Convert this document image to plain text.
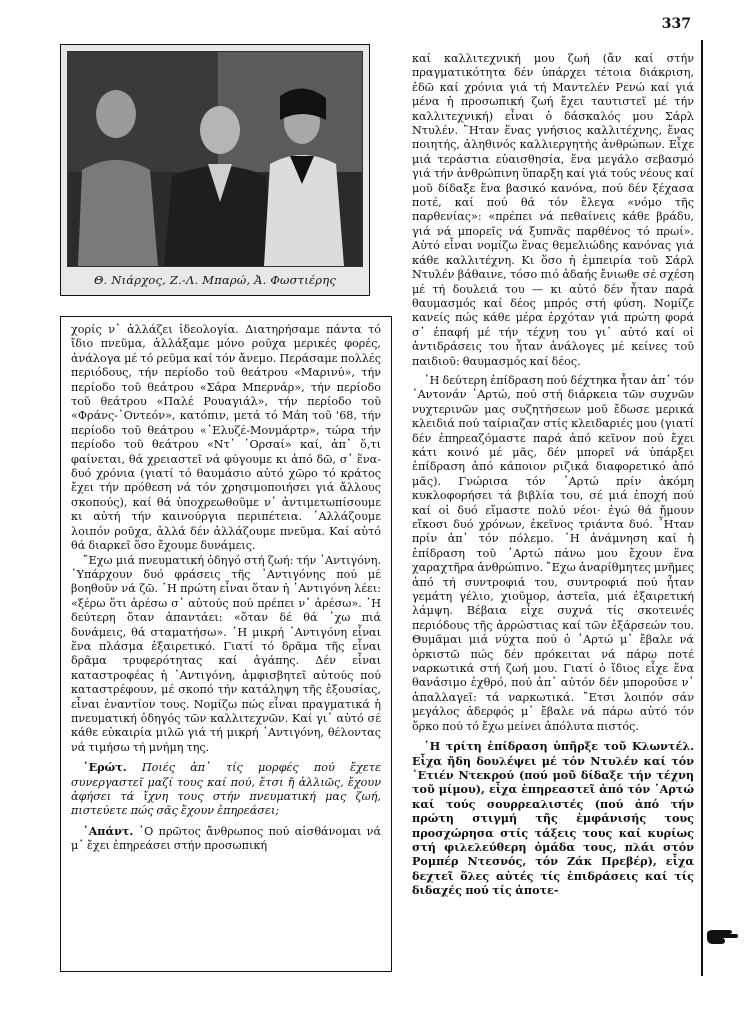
337
Θ. Νιάρχος, Ζ.-Λ. Μπαρώ, Ἀ. Φωστιέρης

χορίς ν᾽ ἀλλάζει ἰδεολογία. Διατηρήσαμε πάντα τό ἴδιο πνεῦμα, ἀλλάξαμε μόνο ροῦχα μερικές φορές, ἀνάλογα μέ τό ρεῦμα καί τόν ἄνεμο. Περάσαμε πολλές περιόδους, τήν περίοδο τοῦ θεάτρου «Μαρινύ», τήν περίοδο τοῦ θεάτρου «Σάρα Μπερνάρ», τήν περίοδο τοῦ θεάτρου «Παλέ Ρουαγιάλ», τήν περίοδο τοῦ «Φράνς-᾽Οντεόν», κατόπιν, μετά τό Μάη τοῦ '68, τήν περίοδο τοῦ θεάτρου «᾽Ελυζέ-Μονμάρτρ», τώρα τήν περίοδο τοῦ θεάτρου «Ντ᾽ ᾽Ορσαί» καί, ἀπ᾽ ὅ,τι φαίνεται, θά χρειαστεῖ νά φύγουμε κι ἀπό δῶ, σ᾽ ἕνα-δυό χρόνια (γιατί τό θαυμάσιο αὐτό χῶρο τό κράτος ἔχει τήν πρόθεση νά τόν χρησιμοποιήσει γιά ἄλλους σκοπούς), καί θά ὑποχρεωθοῦμε ν᾽ ἀντιμετωπίσουμε κι αὐτή τήν καινούργια περιπέτεια. ᾽Αλλάζουμε λοιπόν ροῦχα, ἀλλά δέν ἀλλάζουμε πνεῦμα. Καί αὐτό θά διαρκεῖ ὅσο ἔχουμε δυνάμεις.

῎Εχω μιά πνευματική ὁδηγό στή ζωή: τήν ᾽Αντιγόνη. ῾Υπάρχουν δυό φράσεις τῆς ᾽Αντιγόνης πού μέ βοηθοῦν νά ζῶ. ῾Η πρώτη εἶναι ὅταν ἡ ᾽Αντιγόνη λέει: «ξέρω ὅτι ἀρέσω σ᾽ αὐτούς πού πρέπει ν᾽ ἀρέσω». ῾Η δεύτερη ὅταν ἀπαντάει: «ὅταν δέ θά ᾽χω πιά δυνάμεις, θά σταματήσω». ῾Η μικρή ᾽Αντιγόνη εἶναι ἕνα πλάσμα ἐξαιρετικό. Γιατί τό δρᾶμα τῆς εἶναι δρᾶμα τρυφερότητας καί ἀγάπης. Δέν εἶναι καταστροφέας ἡ ᾽Αντιγόνη, ἀμφισβητεῖ αὐτούς πού καταστρέφουν, μέ σκοπό τήν κατάληψη τῆς ἐξουσίας, εἶναι ἐναντίον τους. Νομίζω πώς εἶναι πραγματικά ἡ πνευματική ὁδηγός τῶν καλλιτεχνῶν. Καί γι᾽ αὐτό σέ κάθε εὐκαιρία μιλῶ γιά τή μικρή ᾽Αντιγόνη, θέλοντας νά τιμήσω τή μνήμη της.

᾽Ερώτ. Ποιές ἀπ᾽ τίς μορφές πού ἔχετε συνεργαστεῖ μαζί τους καί πού, ἔτσι ἤ ἀλλιῶς, ἔχουν ἀφήσει τά ἴχνη τους στήν πνευματική μας ζωή, πιστεύετε πώς σᾶς ἔχουν ἐπηρεάσει;

᾽Απάντ. ῾Ο πρῶτος ἄνθρωπος πού αἰσθάνομαι νά μ᾽ ἔχει ἐπηρεάσει στήν προσωπική

καί καλλιτεχνική μου ζωή (ἄν καί στήν πραγματικότητα δέν ὑπάρχει τέτοια διάκριση, ἐδῶ καί χρόνια γιά τή Μαντελέν Ρενώ καί γιά μένα ἡ προσωπική ζωή ἔχει ταυτιστεῖ μέ τήν καλλιτεχνική) εἶναι ὁ δάσκαλός μου Σάρλ Ντυλέν. ῞Ηταν ἕνας γνήσιος καλλιτέχνης, ἕνας ποιητής, ἀληθινός καλλιεργητής ἀνθρώπων. Εἶχε μιά τεράστια εὐαισθησία, ἕνα μεγάλο σεβασμό γιά τήν ἀνθρώπινη ὕπαρξη καί γιά τούς νέους καί μοῦ δίδαξε ἕνα βασικό κανόνα, πού δέν ξέχασα ποτέ, καί πού θά τόν ἔλεγα «νόμο τῆς παρθενίας»: «πρέπει νά πεθαίνεις κάθε βράδυ, γιά νά μπορεῖς νά ξυπνᾶς παρθένος τό πρωί». Αὐτό εἶναι νομίζω ἕνας θεμελιώδης κανόνας γιά κάθε καλλιτέχνη. Κι ὅσο ἡ ἐμπειρία τοῦ Σάρλ Ντυλέν βάθαινε, τόσο πιό ἀδαής ἔνιωθε σέ σχέση μέ τή δουλειά του — κι αὐτό δέν ἦταν παρά θαυμασμός καί δέος μπρός στή φύση. Νομίζε κανείς πώς κάθε μέρα ἐρχόταν γιά πρώτη φορά σ᾽ ἐπαφή μέ τήν τέχνη του γι᾽ αὐτό καί οἱ ἀντιδράσεις του ἦταν ἀνάλογες μέ κείνες τοῦ παιδιοῦ: θαυμασμός καί δέος.

῾Η δεύτερη ἐπίδραση πού δέχτηκα ἦταν ἀπ᾽ τόν ᾽Αντονάν ᾽Αρτώ, πού στή διάρκεια τῶν συχνῶν νυχτερινῶν μας συζητήσεων μοῦ ἔδωσε μερικά κλειδιά πού ταίριαζαν στίς κλειδαριές μου (γιατί δέν ἐπηρεαζόμαστε παρά ἀπό κεῖνον πού ἔχει κάτι κοινό μέ μᾶς, δέν μπορεῖ νά ὑπάρξει ἐπίδραση ἀπό κάποιον ριζικά διαφορετικό ἀπό μᾶς). Γνώρισα τόν ᾽Αρτώ πρίν ἀκόμη κυκλοφορήσει τά βιβλία του, σέ μιά ἐποχή πού καί οἱ δυό εἴμαστε πολύ νέοι· ἐγώ θά ἤμουν εἴκοσι δυό χρόνων, ἐκεῖνος τριάντα δυό. ῏Ηταν πρίν ἀπ᾽ τόν πόλεμο. ῾Η ἀνάμνηση καί ἡ ἐπίδραση τοῦ ᾽Αρτώ πάνω μου ἔχουν ἕνα χαραχτῆρα ἀνθρώπινο. ῎Εχω ἀναρίθμητες μνῆμες ἀπό τή συντροφιά του, συντροφιά πού ἦταν γεμάτη γέλιο, χιοῦμορ, ἀστεῖα, μιά ἐξαιρετική λάμψη. Βέβαια εἶχε συχνά τίς σκοτεινές περιόδους τῆς ἀρρώστιας καί τῶν ἐξάρσεών του. Θυμᾶμαι μιά νύχτα πού ὁ ᾽Αρτώ μ᾽ ἔβαλε νά ὁρκιστῶ πώς δέν πρόκειται νά πάρω ποτέ ναρκωτικά στή ζωή μου. Γιατί ὁ ἴδιος εἶχε ἕνα θανάσιμο ἐχθρό, πού ἀπ᾽ αὐτόν δέν μποροῦσε ν᾽ ἀπαλλαγεῖ: τά ναρκωτικά. ῎Ετσι λοιπόν σάν μεγάλος ἀδερφός μ᾽ ἔβαλε νά πάρω αὐτό τόν ὅρκο πού τό ἔχω μείνει ἀπόλυτα πιστός.

῾Η τρίτη ἐπίδραση ὑπῆρξε τοῦ Κλωντέλ. Εἶχα ἤδη δουλέψει μέ τόν Ντυλέν καί τόν ᾽Ετιέν Ντεκρού (πού μοῦ δίδαξε τήν τέχνη τοῦ μίμου), εἶχα ἐπηρεαστεῖ ἀπό τόν ᾽Αρτώ καί τούς σουρρεαλιστές (πού ἀπό τήν πρώτη στιγμή τῆς ἐμφάνισής τους προσχώρησα στίς τάξεις τους καί κυρίως στή φιλελεύθερη ὁμάδα τους, πλάι στόν Ρομπέρ Ντεσνός, τόν Ζάκ Πρεβέρ), εἶχα δεχτεῖ ὅλες αὐτές τίς ἐπιδράσεις καί τίς διδαχές πού τίς ἀποτε-
